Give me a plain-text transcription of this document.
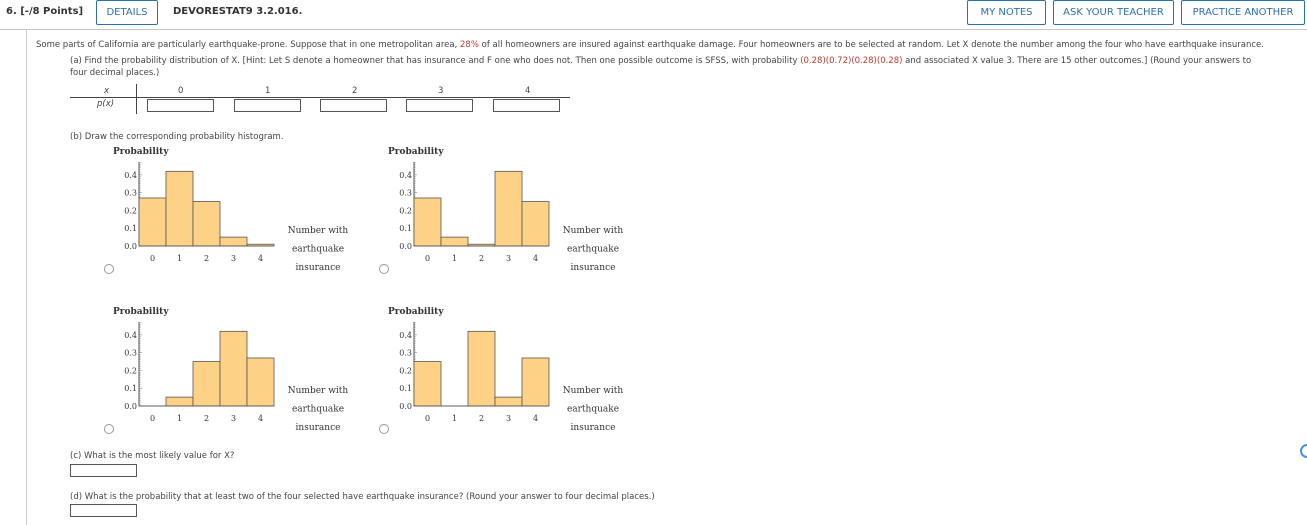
6. [-/8 Points]	DETAILS	DEVORESTAT9 3.2.016.	MY NOTES	ASK YOUR TEACHER	PRACTICE ANOTHER
Some parts of California are particularly earthquake-prone. Suppose that in one metropolitan area, 28% of all homeowners are insured against earthquake damage. Four homeowners are to be selected at random. Let X denote the number among the four who have earthquake insurance.
(a) Find the probability distribution of X. [Hint: Let S denote a homeowner that has insurance and F one who does not. Then one possible outcome is SFSS, with probability (0.28)(0.72)(0.28)(0.28) and associated X value 3. There are 15 other outcomes.] (Round your answers to
four decimal places.)
x
p(x)
0	1	2	3	4
(b) Draw the corresponding probability histogram.
Probability
0.4
0.3
0.2
0.1
0.0
0	1	2	3	4
Number with
earthquake
insurance
Probability
0.4
0.3
0.2
0.1
0.0
0	1	2	3	4
Number with
earthquake
insurance
Probability
0.4
0.3
0.2
0.1
0.0
0	1	2	3	4
Number with
earthquake
insurance
Probability
0.4
0.3
0.2
0.1
0.0
0	1	2	3	4
Number with
earthquake
insurance
(c) What is the most likely value for X?
(d) What is the probability that at least two of the four selected have earthquake insurance? (Round your answer to four decimal places.)
